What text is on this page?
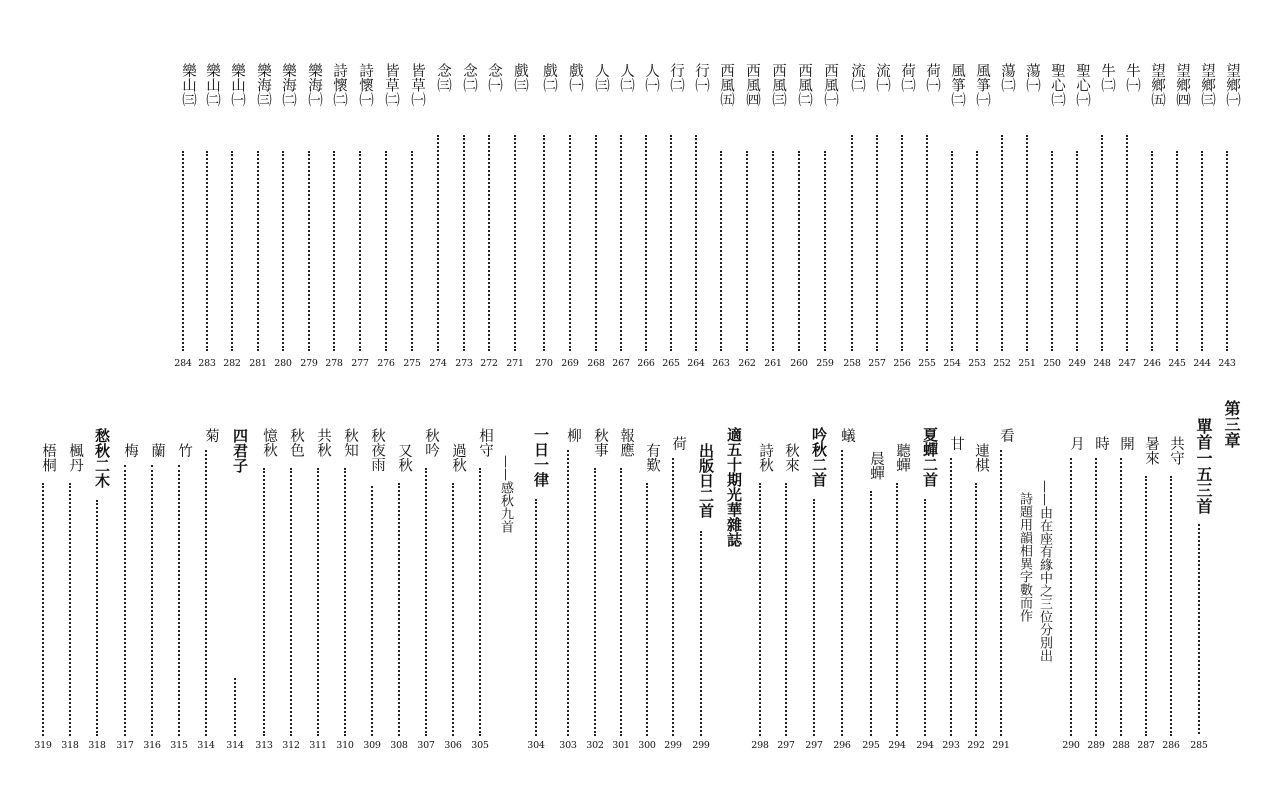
望鄉㈠
243
望鄉㈢
244
望鄉㈣
245
望鄉㈤
246
牛㈠
247
牛㈡
248
聖心㈠
249
聖心㈡
250
蕩㈠
251
蕩㈡
252
風箏㈠
253
風箏㈡
254
荷㈠
255
荷㈡
256
流㈠
257
流㈡
258
西風㈠
259
西風㈡
260
西風㈢
261
西風㈣
262
西風㈤
263
行㈠
264
行㈡
265
人㈠
266
人㈡
267
人㈢
268
戲㈠
269
戲㈡
270
戲㈢
271
念㈠
272
念㈡
273
念㈢
274
皆草㈠
275
皆草㈡
276
詩懷㈠
277
詩懷㈡
278
樂海㈠
279
樂海㈡
280
樂海㈢
281
樂山㈠
282
樂山㈡
283
樂山㈢
284
第三章
單首一五三首
285
共守
286
暑來
287
開
288
時
289
月
290
——由在座有緣中之三位分別出
詩題用韻相異字數而作
看
291
連棋
292
甘
293
夏蟬二首
294
聽蟬
294
晨蟬
295
蟻
296
吟秋二首
297
秋來
297
詩秋
298
適五十期光華雜誌
出版日二首
299
荷
299
有歎
300
報應
301
秋事
302
柳
303
一日一律
304
——感秋九首
相守
305
過秋
306
秋吟
307
又秋
308
秋夜雨
309
秋知
310
共秋
311
秋色
312
憶秋
313
四君子
314
菊
314
竹
315
蘭
316
梅
317
愁秋二木
318
楓丹
318
梧桐
319
